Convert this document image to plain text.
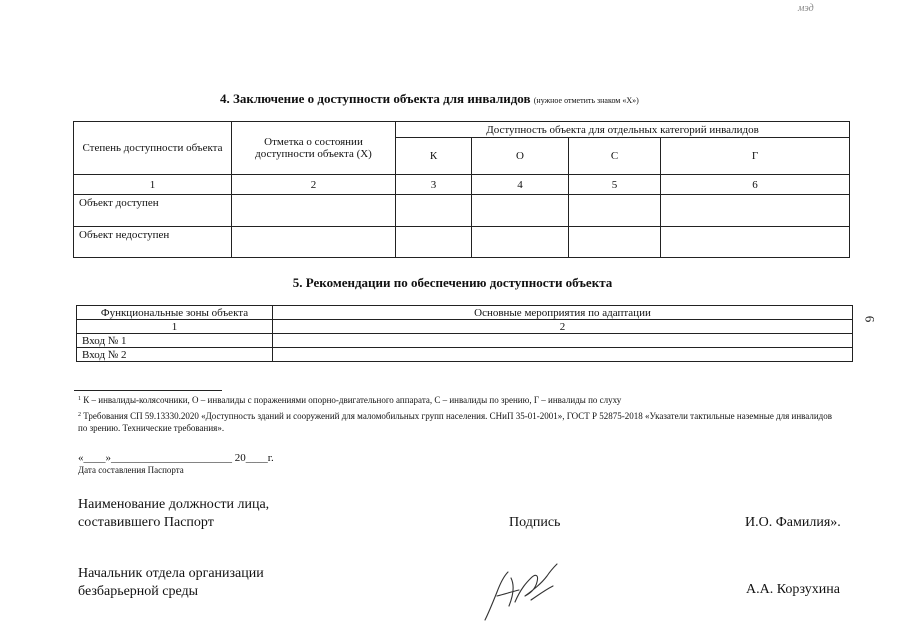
мэд
6
4. Заключение о доступности объекта для инвалидов (нужное отметить знаком «Х»)
Степень доступности объекта	Отметка о состоянии доступности объекта (X)	Доступность объекта для отдельных категорий инвалидов			
		К	О	С	Г
1	2	3	4	5	6
Объект доступен					
Объект недоступен					
5. Рекомендации по обеспечению доступности объекта
Функциональные зоны объекта	Основные мероприятия по адаптации
1	2
Вход № 1	
Вход № 2	
$^1$ К – инвалиды-колясочники, О – инвалиды с поражениями опорно-двигательного аппарата, С – инвалиды по зрению, Г – инвалиды по слуху
$^2$ Требования СП 59.13330.2020 «Доступность зданий и сооружений для маломобильных групп населения. СНиП 35-01-2001», ГОСТ Р 52875-2018 «Указатели тактильные наземные для инвалидов по зрению. Технические требования».
«____»______________________ 20____г.
Дата составления Паспорта
Наименование должности лица,
составившего Паспорт	Подпись	И.О. Фамилия».
Начальник отдела организации
безбарьерной среды	А.А. Корзухина
